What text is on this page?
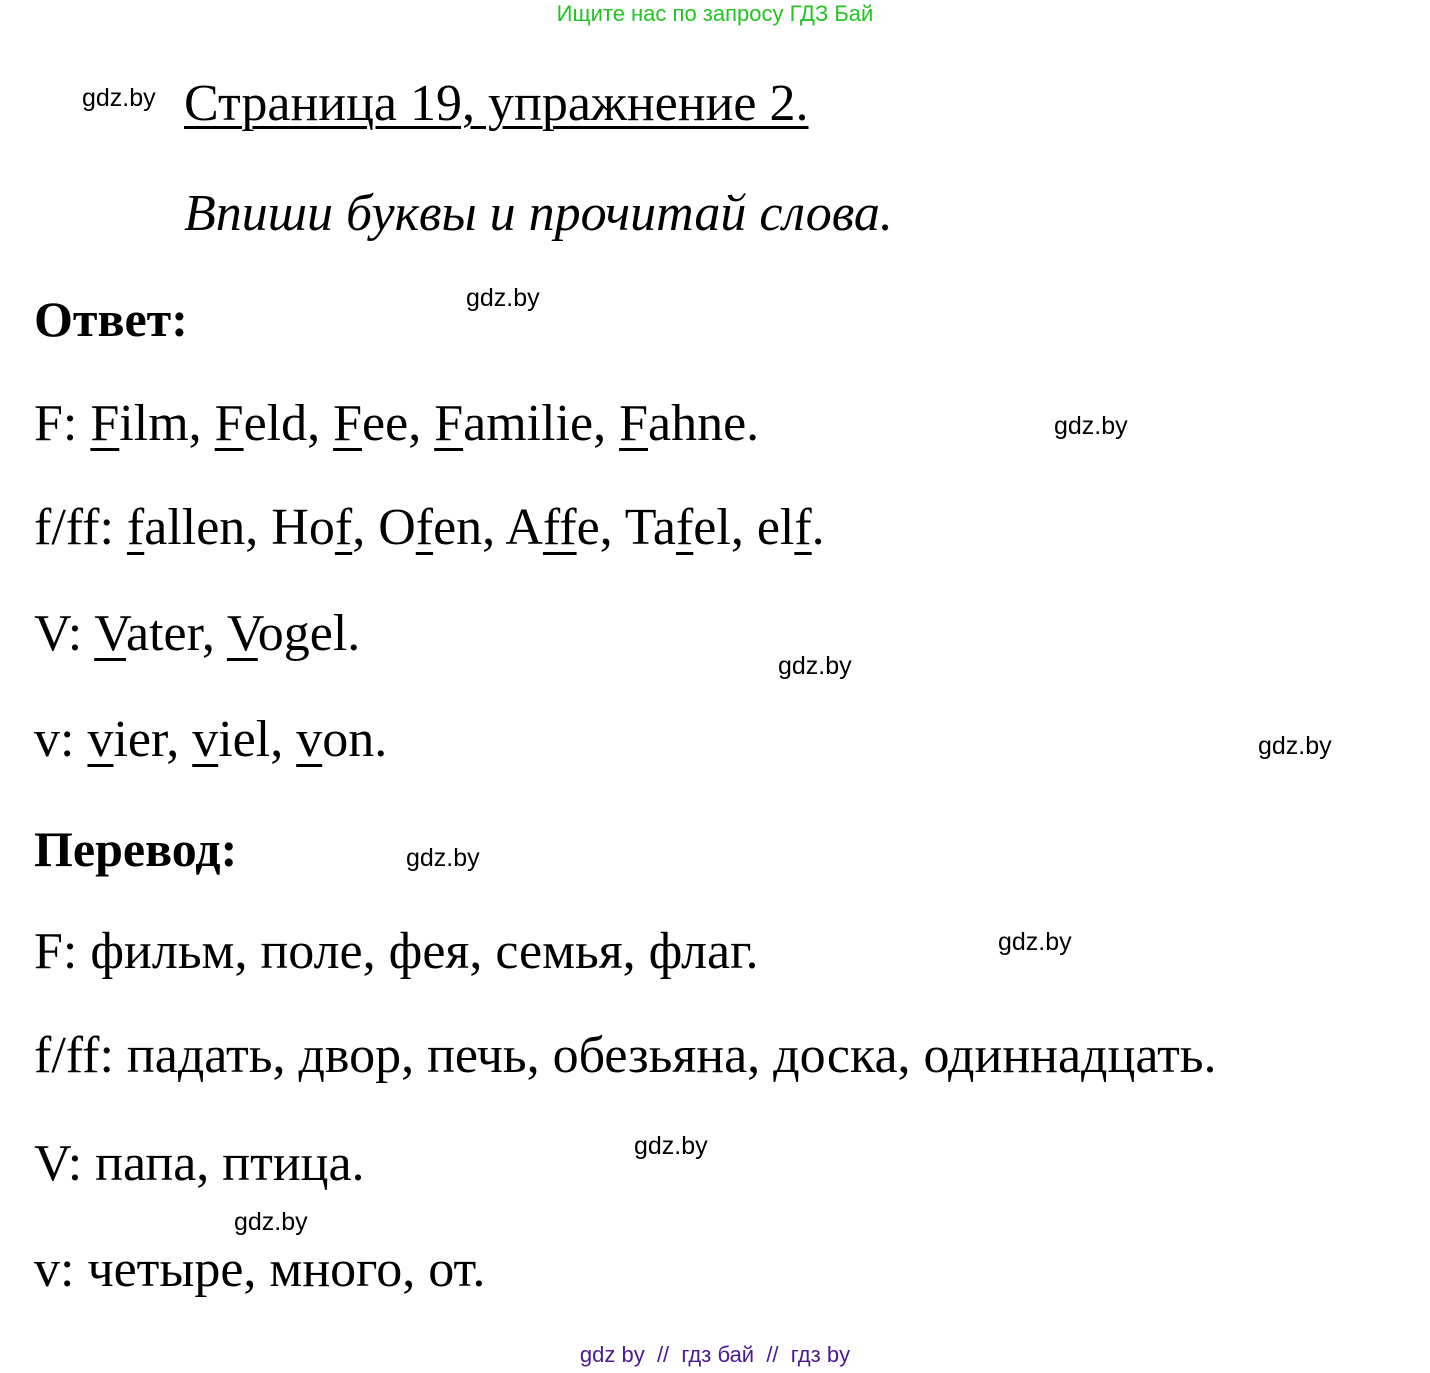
Ищите нас по запросу ГДЗ Бай
gdz.by Страница 19, упражнение 2.
Впиши буквы и прочитай слова.
Ответ:	gdz.by
F: Film, Feld, Fee, Familie, Fahne.	gdz.by
f/ff: fallen, Hof, Ofen, Affe, Tafel, elf.
V: Vater, Vogel.
gdz.by
v: vier, viel, von.	gdz.by
Перевод:	gdz.by
F: фильм, поле, фея, семья, флаг.	gdz.by
f/ff: падать, двор, печь, обезьяна, доска, одиннадцать.
V: папа, птица.	gdz.by
gdz.by
v: четыре, много, от.
gdz by  //  гдз бай  //  гдз by
